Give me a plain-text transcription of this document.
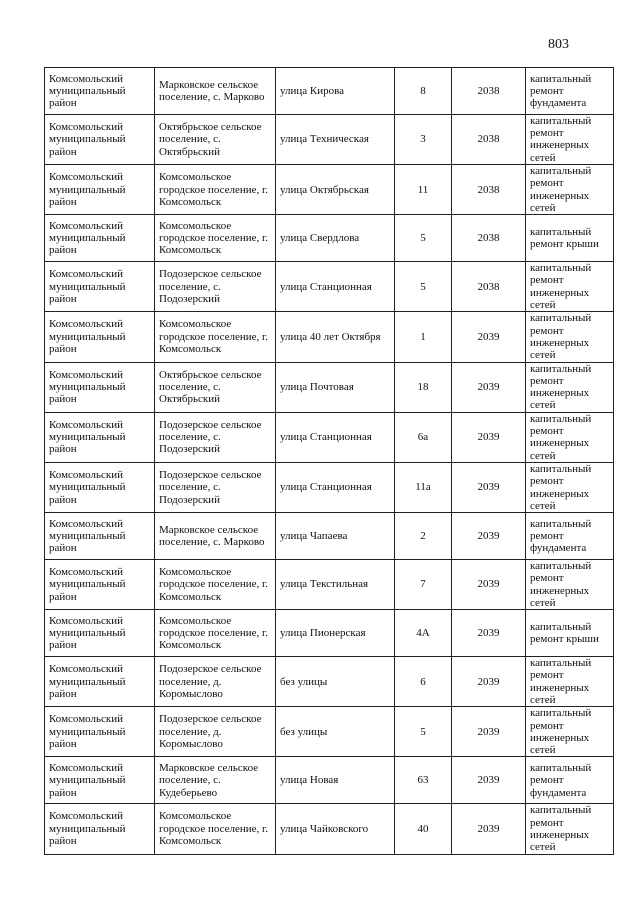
803
Комсомольский муниципальный район	Марковское сельское поселение, с. Марково	улица Кирова	8	2038	капитальный ремонт фундамента
Комсомольский муниципальный район	Октябрьское сельское поселение, с. Октябрьский	улица Техническая	3	2038	капитальный ремонт инженерных сетей
Комсомольский муниципальный район	Комсомольское городское поселение, г. Комсомольск	улица Октябрьская	11	2038	капитальный ремонт инженерных сетей
Комсомольский муниципальный район	Комсомольское городское поселение, г. Комсомольск	улица Свердлова	5	2038	капитальный ремонт крыши
Комсомольский муниципальный район	Подозерское сельское поселение, с. Подозерский	улица Станционная	5	2038	капитальный ремонт инженерных сетей
Комсомольский муниципальный район	Комсомольское городское поселение, г. Комсомольск	улица 40 лет Октября	1	2039	капитальный ремонт инженерных сетей
Комсомольский муниципальный район	Октябрьское сельское поселение, с. Октябрьский	улица Почтовая	18	2039	капитальный ремонт инженерных сетей
Комсомольский муниципальный район	Подозерское сельское поселение, с. Подозерский	улица Станционная	6а	2039	капитальный ремонт инженерных сетей
Комсомольский муниципальный район	Подозерское сельское поселение, с. Подозерский	улица Станционная	11а	2039	капитальный ремонт инженерных сетей
Комсомольский муниципальный район	Марковское сельское поселение, с. Марково	улица Чапаева	2	2039	капитальный ремонт фундамента
Комсомольский муниципальный район	Комсомольское городское поселение, г. Комсомольск	улица Текстильная	7	2039	капитальный ремонт инженерных сетей
Комсомольский муниципальный район	Комсомольское городское поселение, г. Комсомольск	улица Пионерская	4А	2039	капитальный ремонт крыши
Комсомольский муниципальный район	Подозерское сельское поселение, д. Коромыслово	без улицы	6	2039	капитальный ремонт инженерных сетей
Комсомольский муниципальный район	Подозерское сельское поселение, д. Коромыслово	без улицы	5	2039	капитальный ремонт инженерных сетей
Комсомольский муниципальный район	Марковское сельское поселение, с. Кудеберьево	улица Новая	63	2039	капитальный ремонт фундамента
Комсомольский муниципальный район	Комсомольское городское поселение, г. Комсомольск	улица Чайковского	40	2039	капитальный ремонт инженерных сетей
